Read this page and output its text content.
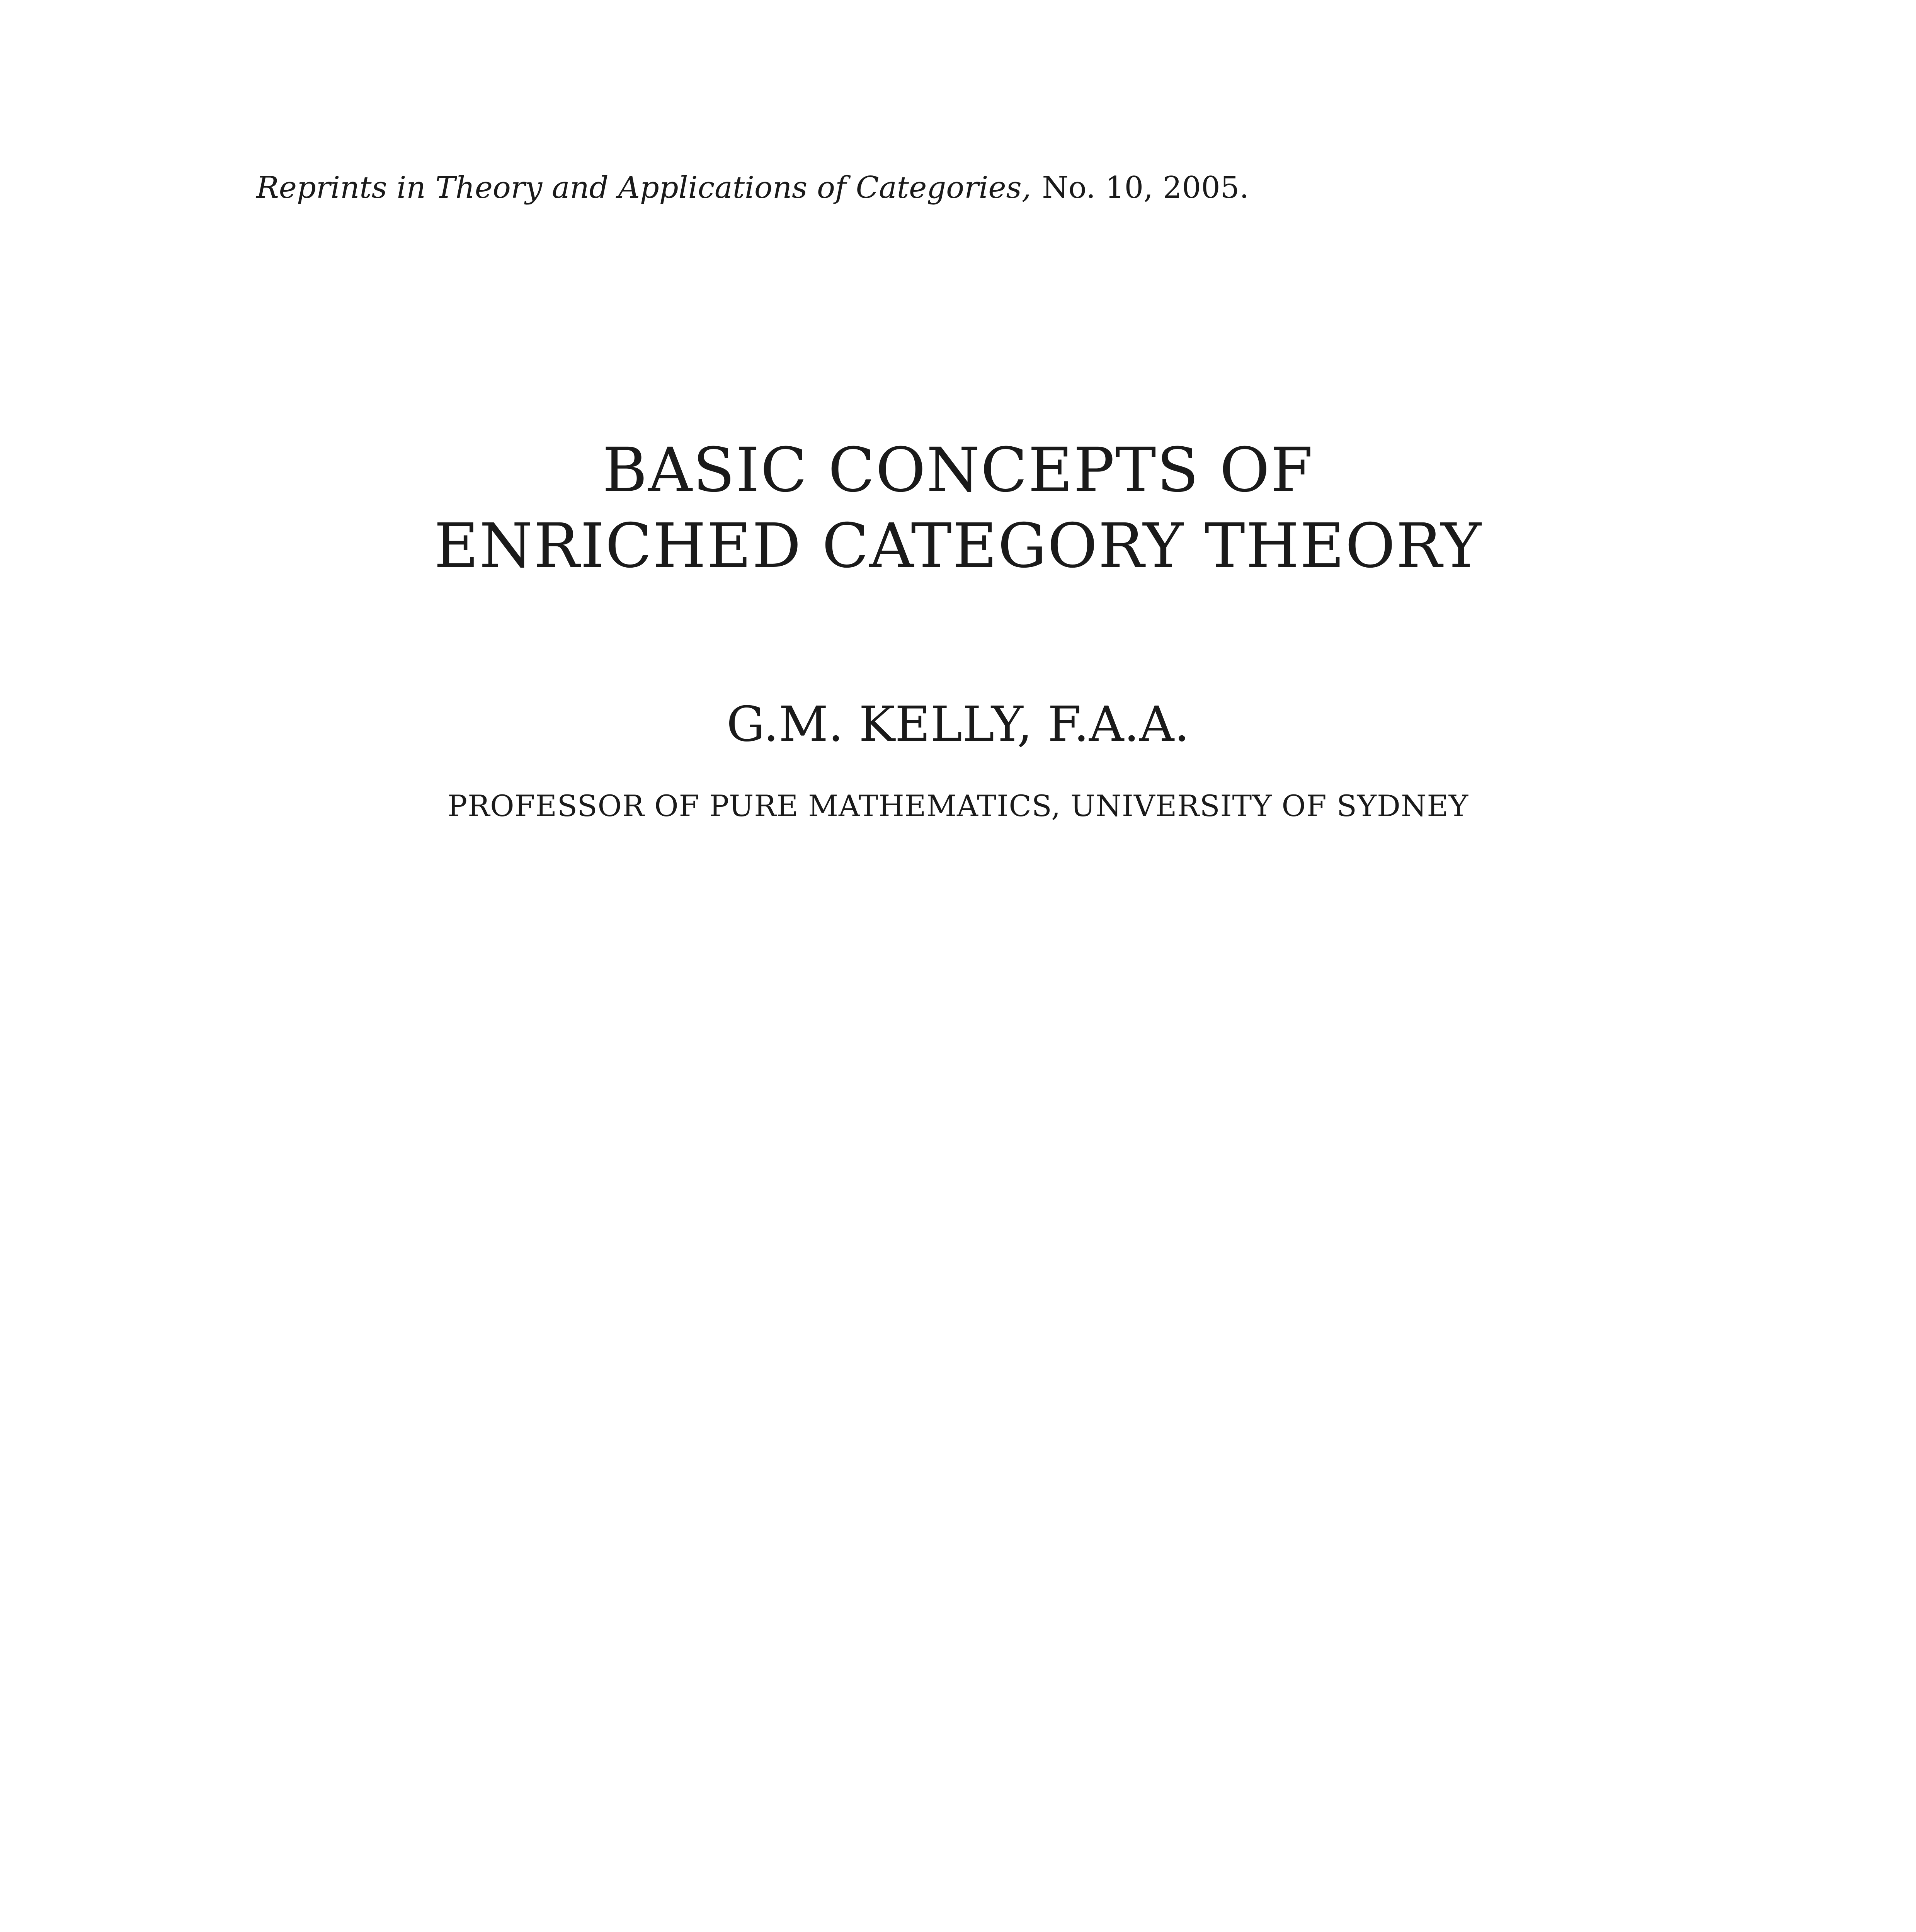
Reprints in Theory and Applications of Categories, No. 10, 2005.
BASIC CONCEPTS OF
ENRICHED CATEGORY THEORY
G.M. KELLY, F.A.A.
PROFESSOR OF PURE MATHEMATICS, UNIVERSITY OF SYDNEY
